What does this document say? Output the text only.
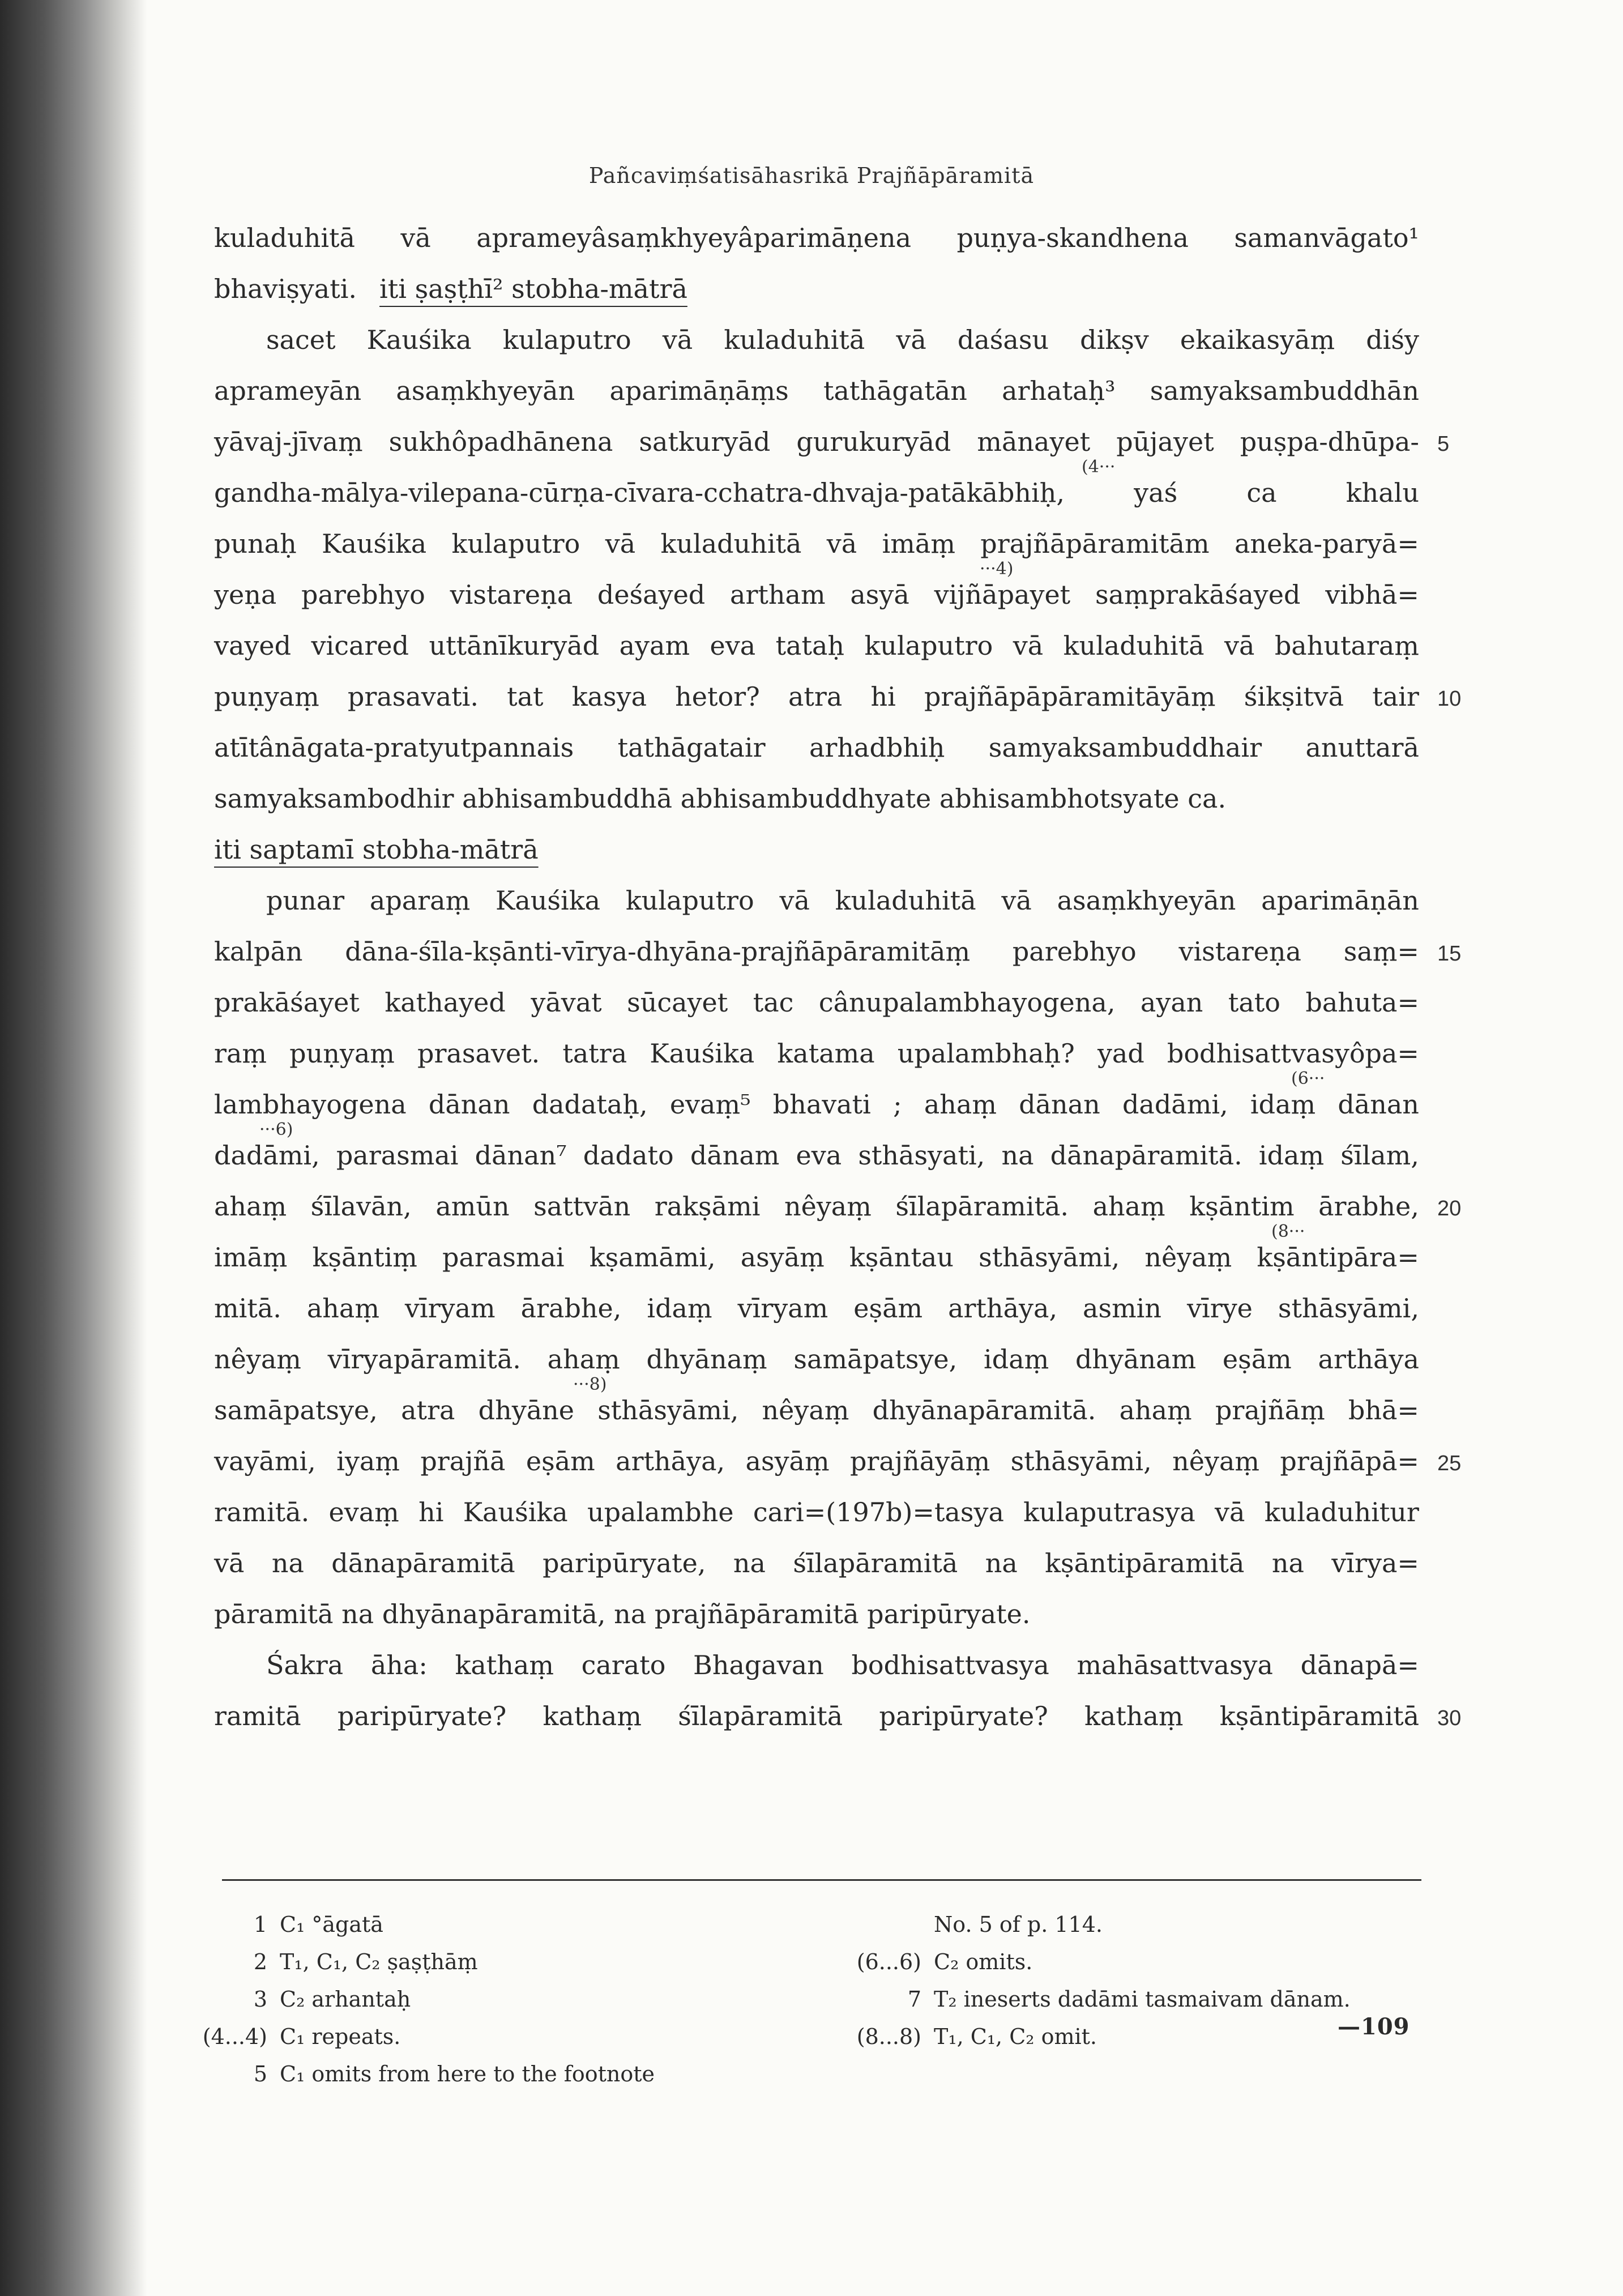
Pañcaviṃśatisāhasrikā Prajñāpāramitā
kuladuhitā vā aprameyâsaṃkhyeyâparimāṇena puṇya-skandhena samanvāgato¹
bhaviṣyati. iti ṣaṣṭhī² stobha-mātrā
sacet Kauśika kulaputro vā kuladuhitā vā daśasu dikṣv ekaikasyāṃ diśy
aprameyān asaṃkhyeyān aparimāṇāṃs tathāgatān arhataḥ³ samyaksambuddhān
yāvaj-jīvaṃ sukhôpadhānena satkuryād gurukuryād mānayet pūjayet puṣpa-dhūpa-
gandha-mālya-vilepana-cūrṇa-cīvara-cchatra-dhvaja-patākābhiḥ,	yaś	ca	khalu
punaḥ Kauśika kulaputro vā kuladuhitā vā imāṃ prajñāpāramitām aneka-paryā=
yeṇa parebhyo vistareṇa deśayed artham asyā vijñāpayet saṃprakāśayed vibhā=
vayed vicared uttānīkuryād ayam eva tataḥ kulaputro vā kuladuhitā vā bahutaraṃ
puṇyaṃ prasavati. tat kasya hetor? atra hi prajñāpāpāramitāyāṃ śikṣitvā tair
atītânāgata-pratyutpannais tathāgatair arhadbhiḥ samyaksambuddhair anuttarā
samyaksambodhir abhisambuddhā abhisambuddhyate abhisambhotsyate ca.
iti saptamī stobha-mātrā
punar aparaṃ Kauśika kulaputro vā kuladuhitā vā asaṃkhyeyān aparimāṇān
kalpān dāna-śīla-kṣānti-vīrya-dhyāna-prajñāpāramitāṃ parebhyo vistareṇa saṃ=
prakāśayet kathayed yāvat sūcayet tac cânupalambhayogena, ayan tato bahuta=
raṃ puṇyaṃ prasavet. tatra Kauśika katama upalambhaḥ? yad bodhisattvasyôpa=
lambhayogena dānan dadataḥ, evaṃ⁵ bhavati ; ahaṃ dānan dadāmi, idaṃ dānan
dadāmi, parasmai dānan⁷ dadato dānam eva sthāsyati, na dānapāramitā. idaṃ śīlam,
ahaṃ śīlavān, amūn sattvān rakṣāmi nêyaṃ śīlapāramitā. ahaṃ kṣāntim ārabhe,
imāṃ kṣāntiṃ parasmai kṣamāmi, asyāṃ kṣāntau sthāsyāmi, nêyaṃ kṣāntipāra=
mitā. ahaṃ vīryam ārabhe, idaṃ vīryam eṣām arthāya, asmin vīrye sthāsyāmi,
nêyaṃ vīryapāramitā. ahaṃ dhyānaṃ samāpatsye, idaṃ dhyānam eṣām arthāya
samāpatsye, atra dhyāne sthāsyāmi, nêyaṃ dhyānapāramitā. ahaṃ prajñāṃ bhā=
vayāmi, iyaṃ prajñā eṣām arthāya, asyāṃ prajñāyāṃ sthāsyāmi, nêyaṃ prajñāpā=
ramitā. evaṃ hi Kauśika upalambhe cari=(197b)=tasya kulaputrasya vā kuladuhitur
vā na dānapāramitā paripūryate, na śīlapāramitā na kṣāntipāramitā na vīrya=
pāramitā na dhyānapāramitā, na prajñāpāramitā paripūryate.
Śakra āha: kathaṃ carato Bhagavan bodhisattvasya mahāsattvasya dānapā=
ramitā paripūryate? kathaṃ śīlapāramitā paripūryate? kathaṃ kṣāntipāramitā
(4···
···4)
(6···
···6)
(8···
···8)
5
10
15
20
25
30
1 C₁ °āgatā
2 T₁, C₁, C₂ ṣaṣṭhāṃ
3 C₂ arhantaḥ
(4...4) C₁ repeats.
5 C₁ omits from here to the footnote
No. 5 of p. 114.
(6...6) C₂ omits.
7 T₂ ineserts dadāmi tasmaivam dānam.
(8...8) T₁, C₁, C₂ omit.	—109
